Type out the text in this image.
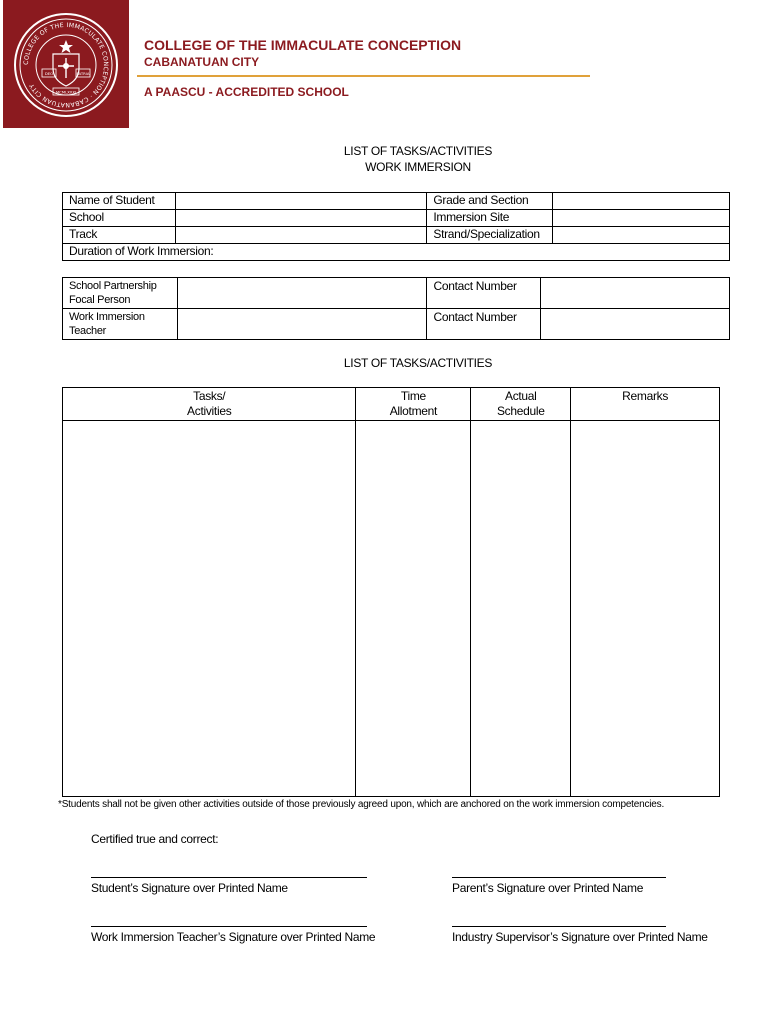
COLLEGE OF THE IMMACULATE CONCEPTION · CABANATUAN CITY
DEO	PATRIA
MCMLXXXI
COLLEGE OF THE IMMACULATE CONCEPTION
CABANATUAN CITY
A PAASCU - ACCREDITED SCHOOL
LIST OF TASKS/ACTIVITIES
WORK IMMERSION
Name of Student		Grade and Section	
School		Immersion Site	
Track		Strand/Specialization	
Duration of Work Immersion:			
School Partnership Focal Person		Contact Number	
Work Immersion Teacher		Contact Number	
LIST OF TASKS/ACTIVITIES
Tasks/ Activities	Time Allotment	Actual Schedule	Remarks

*Students shall not be given other activities outside of those previously agreed upon, which are anchored on the work immersion competencies.
Certified true and correct:
Student’s Signature over Printed Name	Parent’s Signature over Printed Name
Work Immersion Teacher’s Signature over Printed Name	Industry Supervisor’s Signature over Printed Name
